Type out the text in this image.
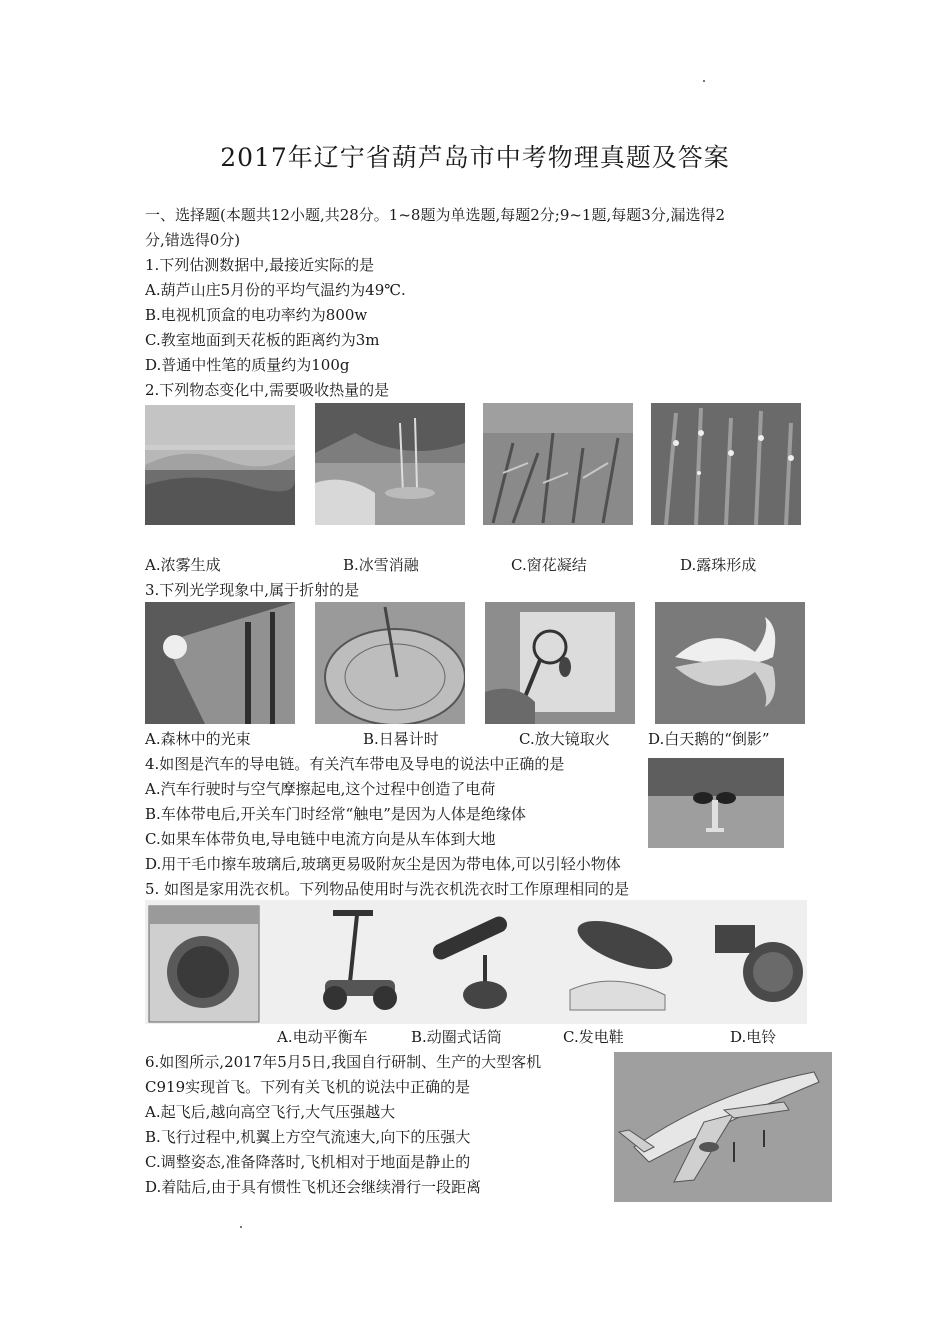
2017年辽宁省葫芦岛市中考物理真题及答案
一、选择题(本题共12小题,共28分。1~8题为单选题,每题2分;9~1题,每题3分,漏选得2
分,错选得0分)
1.下列估测数据中,最接近实际的是
A.葫芦山庄5月份的平均气温约为49℃.
B.电视机顶盒的电功率约为800w
C.教室地面到天花板的距离约为3m
D.普通中性笔的质量约为100g
2.下列物态变化中,需要吸收热量的是
A.浓雾生成	B.冰雪消融	C.窗花凝结	D.露珠形成
3.下列光学现象中,属于折射的是
A.森林中的光束	B.日晷计时	C.放大镜取火	D.白天鹅的“倒影”
4.如图是汽车的导电链。有关汽车带电及导电的说法中正确的是
A.汽车行驶时与空气摩擦起电,这个过程中创造了电荷
B.车体带电后,开关车门时经常“触电”是因为人体是绝缘体
C.如果车体带负电,导电链中电流方向是从车体到大地
D.用干毛巾擦车玻璃后,玻璃更易吸附灰尘是因为带电体,可以引轻小物体
5. 如图是家用洗衣机。下列物品使用时与洗衣机洗衣时工作原理相同的是
A.电动平衡车	B.动圈式话筒	C.发电鞋	D.电铃
6.如图所示,2017年5月5日,我国自行研制、生产的大型客机
C919实现首飞。下列有关飞机的说法中正确的是
A.起飞后,越向高空飞行,大气压强越大
B.飞行过程中,机翼上方空气流速大,向下的压强大
C.调整姿态,准备降落时,飞机相对于地面是静止的
D.着陆后,由于具有惯性飞机还会继续滑行一段距离
